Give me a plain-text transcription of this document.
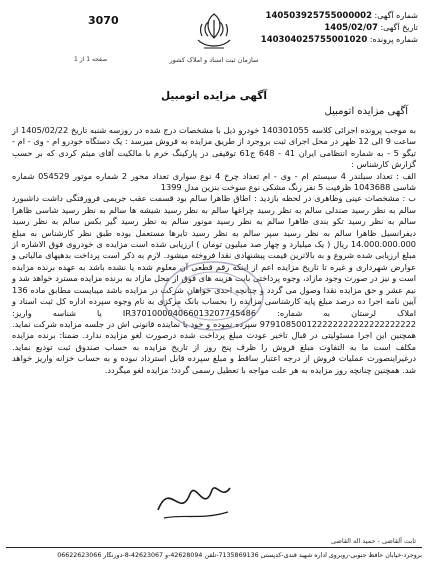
3070	شماره آگهی: 140503925755000002
تاریخ آگهی: 1405/02/07
شماره پرونده: 140304025755001020
سازمان ثبت اسناد و املاک کشور
صفحه 1 از 1
آگهی مزایده اتومبیل
آگهی مزایده اتومبیل

به موجب پرونده اجرائی کلاسه 140301055 خودرو ذیل با مشخصات درج شده در روزسه شنبه تاریخ 1405/02/22 از ساعت 9 الی 12 ظهر در محل اجرای ثبت بروجرد از طریق مزایده به فروش میرسد : یک دستگاه خودرو ام - وی - ام - تیگو 5 - به شماره انتظامی ایران 41 - 648 ج61 توقیفی در پارکینگ خرم با مالکیت آقای میثم کردی که بر حسب گزارش کارشناس :

الف : تعداد سیلندر 4 سیستم ام - وی - ام تعداد چرخ 4 نوع سواری تعداد محور 2 شماره موتور 054529 شماره شاسی 1043688 ظرفیت 5 نفر رنگ مشکی نوع سوخت بنزین مدل 1399

ب : مشخصات عینی وظاهری در لحظه بازدید : اطاق ظاهرا سالم بود قسمت عقب جریمی فرورفتگی داشت داشبورد سالم به نظر رسید صندلی سالم به نظر رسید چراغها سالم به نظر رسید شیشه ها سالم به نظر رسید شاسی ظاهرا سالم به نظر رسید تکو بندی ظاهرا سالم به نظر رسید موتور سالم به نظر رسید گیر بکس سالم به نظر رسید دیفرانسیل ظاهرا سالم به نظر رسید سپر سالم به نظر رسید تایرها مستعمل بوده طبق نظر کارشناس به مبلغ 14.000.000.000 ریال ( یک میلیارد و چهار صد میلیون تومان ) ارزیابی شده است مزایده ی خودروی فوق الاشاره از مبلغ ارزیابی شده شروع و به بالاترین قیمت پیشنهادی نقدا فروخته میشود. لازم به ذکر است پرداخت بدهیهای مالیاتی و عوارض شهرداری و غیره تا تاریخ مزایده اعم از اینکه رقم قطعی آن معلوم شده یا نشده باشد به عهده برنده مزایده است و نیز در صورت وجود مازاد، وجوه پرداختی بابت هزینه های فوق از محل مازاد به برنده مزایده مسترد خواهد شد و نیم عشر و حق مزایده نقدا وصول می گردد و چنانچه احدی خواهان شرکت در مزایده باشد میبایست مطابق ماده 136 آیین نامه اجرا ده درصد مبلغ پایه کارشناسی مزایده را بحساب بانک مرکزی به نام وجوه سپرده اداره کل ثبت اسناد و املاک لرستان به شماره: IR370100004066013207745486 یا شناسه واریز: 979108500122222222222222222222 سپرده نموده و خود یا نماینده قانونی اش در جلسه مزایده شرکت نماید. همچنین این اجرا مسئولیتی در قبال تاخیر عودت مبلغ پرداخت شده درصورت لغو مزایده ندارد. ضمنا: برنده مزایده مکلف است ما به التفاوت مبلغ فروش را ظرف پنج روز از تاریخ مزایده به حساب صندوق ثبت تودیع نماید. درغیراینصورت عملیات فروش از درجه اعتبار ساقط و مبلغ سپرده قابل استرداد نبوده و به حساب خزانه واریز خواهد شد. همچنین چنانچه روز مزایده به هر علت مواجه با تعطیل رسمی گردد؛ مزایده لغو میگردد.

ثابت آلقاضی - حمید اله القاضی
بروجرد-خیابان حافظ جنوبی-روبروی اداره شهید قندی-کدپستی 7135869136-تلفن 42628094-و 42623067-8-دورنگار 06622623066
